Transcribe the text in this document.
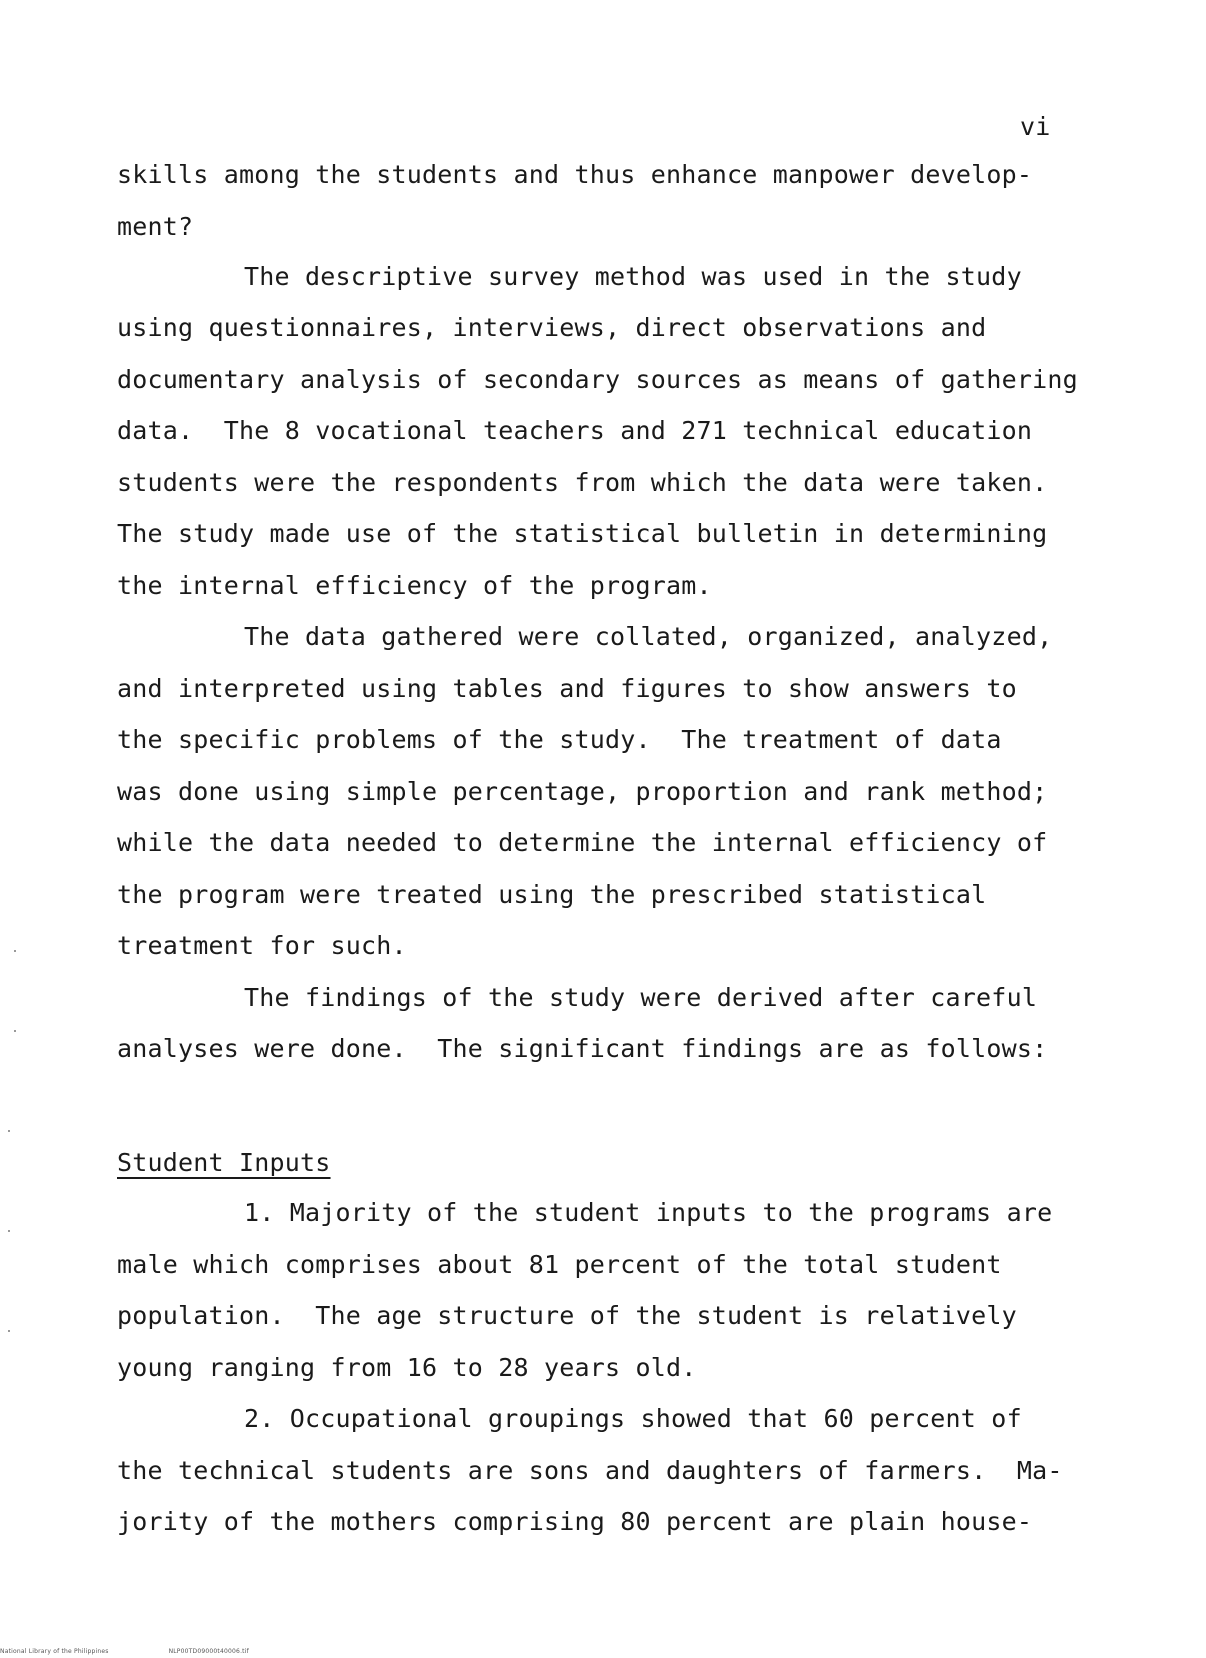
vi
skills among the students and thus enhance manpower develop-
ment?
The descriptive survey method was used in the study
using questionnaires, interviews, direct observations and
documentary analysis of secondary sources as means of gathering
data.  The 8 vocational teachers and 271 technical education
students were the respondents from which the data were taken.
The study made use of the statistical bulletin in determining
the internal efficiency of the program.
The data gathered were collated, organized, analyzed,
and interpreted using tables and figures to show answers to
the specific problems of the study.  The treatment of data
was done using simple percentage, proportion and rank method;
while the data needed to determine the internal efficiency of
the program were treated using the prescribed statistical
treatment for such.
The findings of the study were derived after careful
analyses were done.  The significant findings are as follows:
Student Inputs
1. Majority of the student inputs to the programs are
male which comprises about 81 percent of the total student
population.  The age structure of the student is relatively
young ranging from 16 to 28 years old.
2. Occupational groupings showed that 60 percent of
the technical students are sons and daughters of farmers.  Ma-
jority of the mothers comprising 80 percent are plain house-
National Library of the Philippines	NLP00TD09000t40006.tif
